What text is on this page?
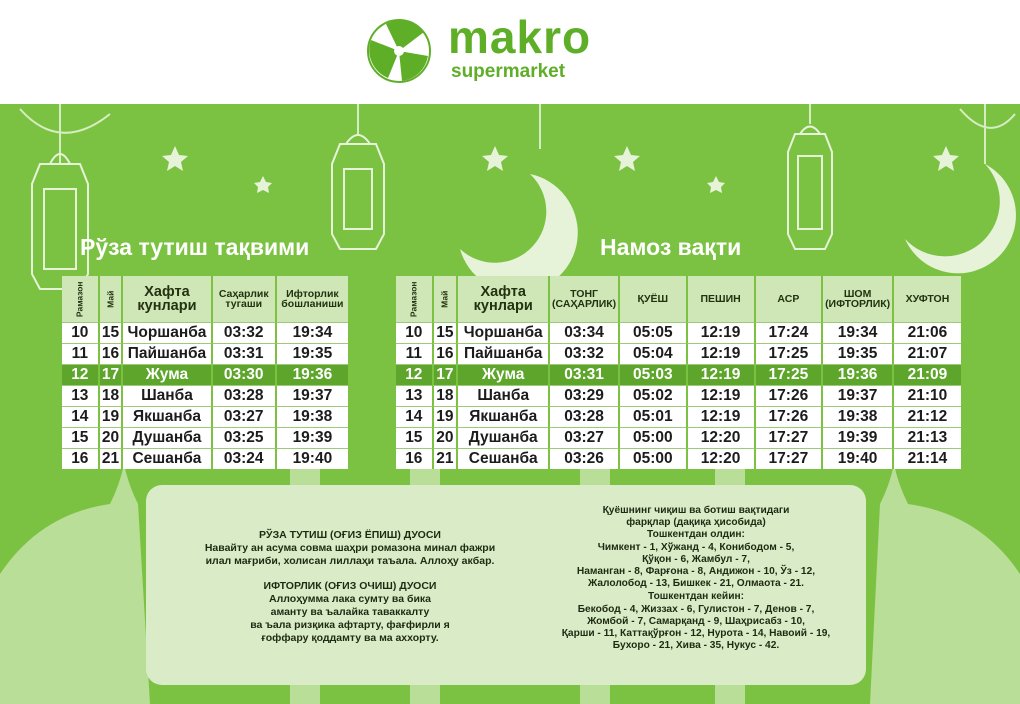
makro
supermarket
Рўза тутиш тақвими	Намоз вақти
Рамазон	Май	Хафта кунлари	Саҳарлик тугаши	Ифторлик бошланиши
10	15	Чоршанба	03:32	19:34
11	16	Пайшанба	03:31	19:35
12	17	Жума	03:30	19:36
13	18	Шанба	03:28	19:37
14	19	Якшанба	03:27	19:38
15	20	Душанба	03:25	19:39
16	21	Сешанба	03:24	19:40
Рамазон	Май	Хафта кунлари	ТОНГ (САҲАРЛИК)	ҚУЁШ	ПЕШИН	АСР	ШОМ (ИФТОРЛИК)	ХУФТОН
10	15	Чоршанба	03:34	05:05	12:19	17:24	19:34	21:06
11	16	Пайшанба	03:32	05:04	12:19	17:25	19:35	21:07
12	17	Жума	03:31	05:03	12:19	17:25	19:36	21:09
13	18	Шанба	03:29	05:02	12:19	17:26	19:37	21:10
14	19	Якшанба	03:28	05:01	12:19	17:26	19:38	21:12
15	20	Душанба	03:27	05:00	12:20	17:27	19:39	21:13
16	21	Сешанба	03:26	05:00	12:20	17:27	19:40	21:14
РЎЗА ТУТИШ (ОҒИЗ ЁПИШ) ДУОСИ
Навайту ан асума совма шаҳри ромазона минал фажри
илал мағриби, холисан лиллаҳи таъала. Аллоҳу акбар.
ИФТОРЛИК (ОҒИЗ ОЧИШ) ДУОСИ
Аллоҳумма лака сумту ва бика
аманту ва ъалайка таваккалту
ва ъала ризқика афтарту, фағфирли я
ғоффару қоддамту ва ма аххорту.
Қуёшнинг чиқиш ва ботиш вақтидаги
фарқлар (дақиқа ҳисобида)
Тошкентдан олдин:
Чимкент - 1, Хўжанд - 4, Конибодом - 5,
Қўқон - 6, Жамбул - 7,
Наманган - 8, Фарғона - 8, Андижон - 10, Ўз - 12,
Жалолобод - 13, Бишкек - 21, Олмаота - 21.
Тошкентдан кейин:
Бекобод - 4, Жиззах - 6, Гулистон - 7, Денов - 7,
Жомбой - 7, Самарқанд - 9, Шаҳрисабз - 10,
Қарши - 11, Каттақўрғон - 12, Нурота - 14, Навоий - 19,
Бухоро - 21, Хива - 35, Нукус - 42.
